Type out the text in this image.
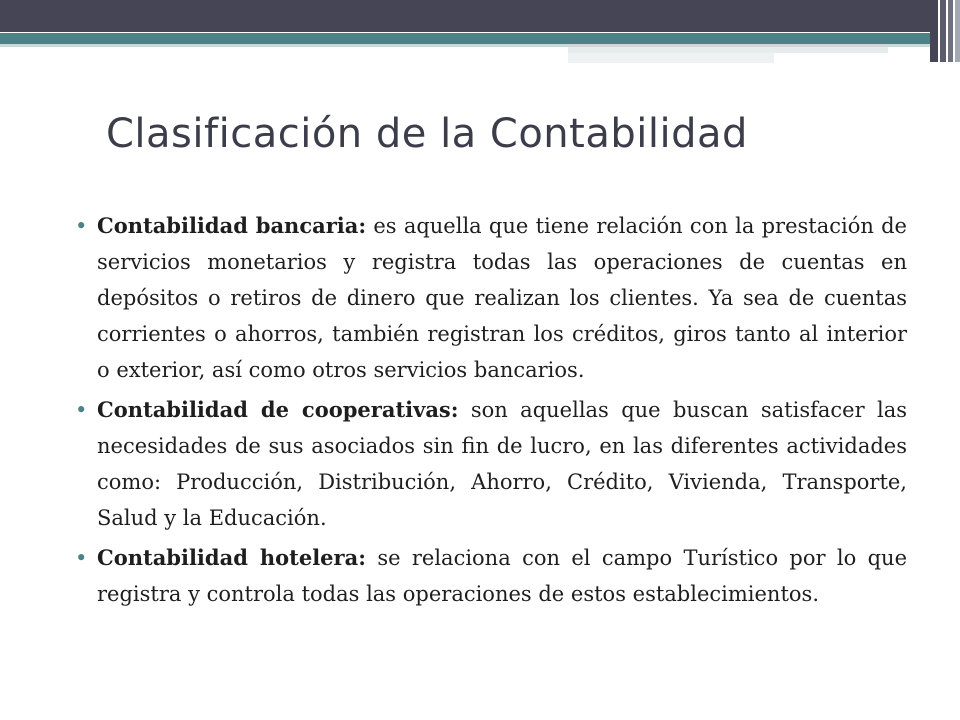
Clasificación de la Contabilidad

• Contabilidad bancaria: es aquella que tiene relación con la prestación de servicios monetarios y registra todas las operaciones de cuentas en depósitos o retiros de dinero que realizan los clientes. Ya sea de cuentas corrientes o ahorros, también registran los créditos, giros tanto al interior o exterior, así como otros servicios bancarios.

• Contabilidad de cooperativas: son aquellas que buscan satisfacer las necesidades de sus asociados sin fin de lucro, en las diferentes actividades como: Producción, Distribución, Ahorro, Crédito, Vivienda, Transporte, Salud y la Educación.

• Contabilidad hotelera: se relaciona con el campo Turístico por lo que registra y controla todas las operaciones de estos establecimientos.
